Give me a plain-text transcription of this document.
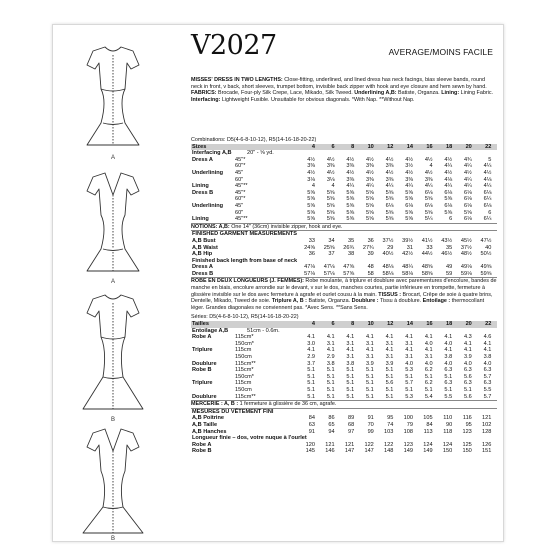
A
A
B
B
V2027	AVERAGE/MOINS FACILE

MISSES' DRESS IN TWO LENGTHS: Close-fitting, underlined, and lined dress has neck facings, bias sleeve bands, round neck in front, v back, short sleeves, trumpet bottom, invisible back zipper with hook and eye closure and hem sewn by hand. FABRICS: Brocade, Four-ply Silk Crepe, Lace, Mikado, Silk Tweed. Underlining A,B: Batiste, Organza. Lining: Lining Fabric. Interfacing: Lightweight Fusible. Unsuitable for obvious diagonals. *With Nap. **Without Nap.

Combinations: D5(4-6-8-10-12), R5(14-16-18-20-22)
Sizes	4	6	8	10	12	14	16	18	20	22
Interfacing A,B	20" - ⅝ yd.
Dress A	45"*	4½	4½	4½	4½	4½	4½	4½	4½	4¾	5
60"*	3⅜	3⅜	3⅜	3⅜	3⅜	3½	4	4¼	4¼	4¼
Underlining 45"	4½	4½	4½	4½	4½	4½	4½	4½	4½	4½
60"	3⅛	3⅛	3⅜	3⅜	3⅜	3⅜	3⅜	4⅛	4¼	4⅛
Lining	45"**	4	4	4¼	4¼	4¼	4¼	4¼	4¼	4¼	4¼
Dress B	45"*	5⅝	5⅝	5⅝	5⅝	5⅝	5⅝	6⅛	6⅛	6⅛	6⅛
60"*	5⅝	5⅝	5⅝	5⅝	5⅝	5⅝	5⅝	5⅝	6⅛	6¼
Underlining 45"	5⅝	5⅝	5⅝	5⅝	6⅛	6⅛	6⅛	6⅛	6⅛	6⅛
60"	5⅝	5⅝	5⅝	5⅝	5⅝	5⅝	5⅝	5⅝	5⅝	6
Lining	45"**	5⅝	5⅝	5⅝	5⅝	5⅝	5⅝	5¼	6	6⅛	6¼
NOTIONS: A,B: One 14" (36cm) invisible zipper, hook and eye.
FINISHED GARMENT MEASUREMENTS
A,B Bust	33	34	35	36	37½	39½	41½	43½	45½	47½
A,B Waist	24⅝	25⅝	26¾	27¾	29	31	33	35	37½	40
A,B Hip	36	37	38	39	40½	42½	44½	46½	48½	50½
Finished back length from base of neck
Dress A	47⅛	47⅛	47⅝	48	48⅛	48¼	48⅝	49	49⅛	49⅝
Dress B	57⅛	57⅛	57⅝	58	58⅛	58⅛	58⅝	59	59⅛	59⅝

ROBE EN DEUX LONGUEURS (J. FEMMES): Robe moulante, à triplure et doublure avec parementures d'encolure, bandes de manche en biais, encolure arrondie sur le devant, v sur le dos, manches courtes, partie inférieure en trompette, fermeture à glissière invisible sur le dos avec fermeture à agrafe et ourlet cousu à la main. TISSUS : Brocart, Crêpe de soie à quatre brins, Dentelle, Mikado, Tweed de soie. Triplure A, B : Batiste, Organza. Doublure : Tissu à doublure. Entoilage : thermocollant léger. Grandes diagonales ne conviennent pas. *Avec Sens. **Sans Sens.

Séries: D5(4-6-8-10-12), R5(14-16-18-20-22)
Tailles	4	6	8	10	12	14	16	18	20	22
Entoilage A,B	51cm - 0.6m.
Robe A	115cm*	4.1	4.1	4.1	4.1	4.1	4.1	4.1	4.1	4.3	4.6
150cm*	3.0	3.1	3.1	3.1	3.1	3.1	4.0	4.0	4.1	4.1
Triplure	115cm	4.1	4.1	4.1	4.1	4.1	4.1	4.1	4.1	4.1	4.1
150cm	2.9	2.9	3.1	3.1	3.1	3.1	3.1	3.8	3.9	3.8
Doublure	115cm**	3.7	3.8	3.8	3.9	3.9	4.0	4.0	4.0	4.0	4.0
Robe B	115cm*	5.1	5.1	5.1	5.1	5.1	5.3	6.2	6.3	6.3	6.3
150cm*	5.1	5.1	5.1	5.1	5.1	5.1	5.1	5.1	5.6	5.7
Triplure	115cm	5.1	5.1	5.1	5.1	5.6	5.7	6.2	6.3	6.3	6.3
150cm	5.1	5.1	5.1	5.1	5.1	5.1	5.1	5.1	5.1	5.5
Doublure	115cm**	5.1	5.1	5.1	5.1	5.1	5.3	5.4	5.5	5.6	5.7
MERCERIE : A, B : 1 fermeture à glissière de 36 cm, agrafe.
MESURES DU VÊTEMENT FINI
A,B Poitrine	84	86	89	91	95	100	105	110	116	121
A,B Taille	63	65	68	70	74	79	84	90	95	102
A,B Hanches	91	94	97	99	103	108	113	118	123	128
Longueur finie – dos, votre nuque à l'ourlet
Robe A	120	121	121	122	122	123	124	124	125	126
Robe B	145	146	147	147	148	149	149	150	150	151
